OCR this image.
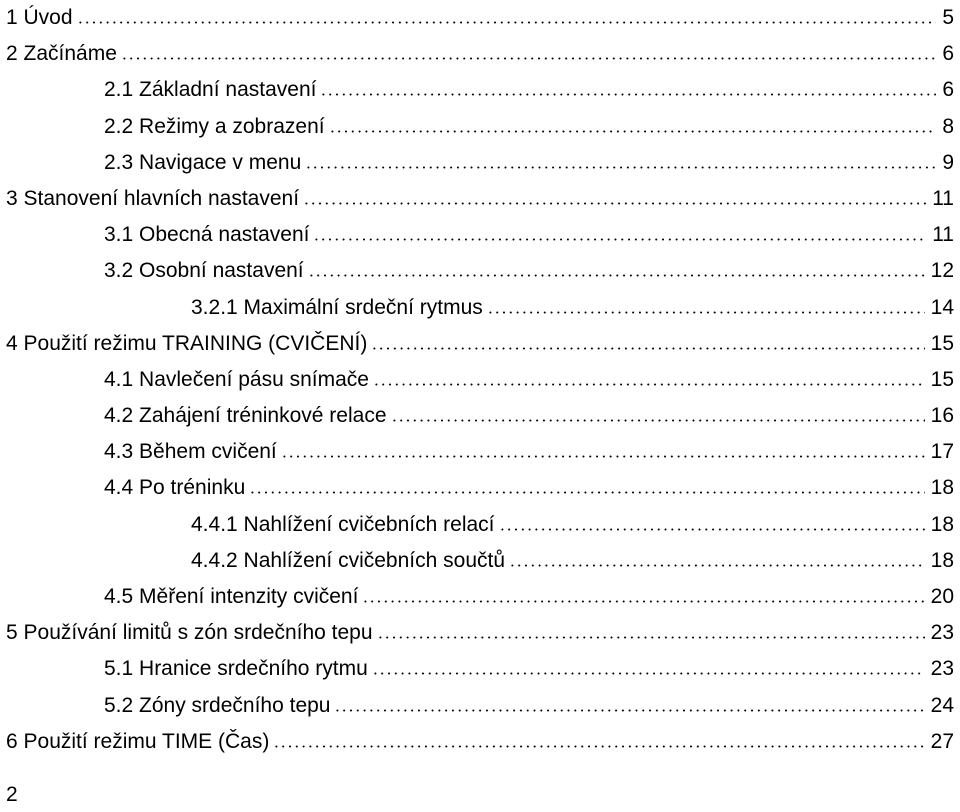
1 Úvod	5
2 Začínáme	6
2.1 Základní nastavení	6
2.2 Režimy a zobrazení	8
2.3 Navigace v menu	9
3 Stanovení hlavních nastavení	11
3.1 Obecná nastavení	11
3.2 Osobní nastavení	12
3.2.1 Maximální srdeční rytmus	14
4 Použití režimu TRAINING (CVIČENÍ)	15
4.1 Navlečení pásu snímače	15
4.2 Zahájení tréninkové relace	16
4.3 Během cvičení	17
4.4 Po tréninku	18
4.4.1 Nahlížení cvičebních relací	18
4.4.2 Nahlížení cvičebních součtů	18
4.5 Měření intenzity cvičení	20
5 Používání limitů s zón srdečního tepu	23
5.1 Hranice srdečního rytmu	23
5.2 Zóny srdečního tepu	24
6 Použití režimu TIME (Čas)	27
2
